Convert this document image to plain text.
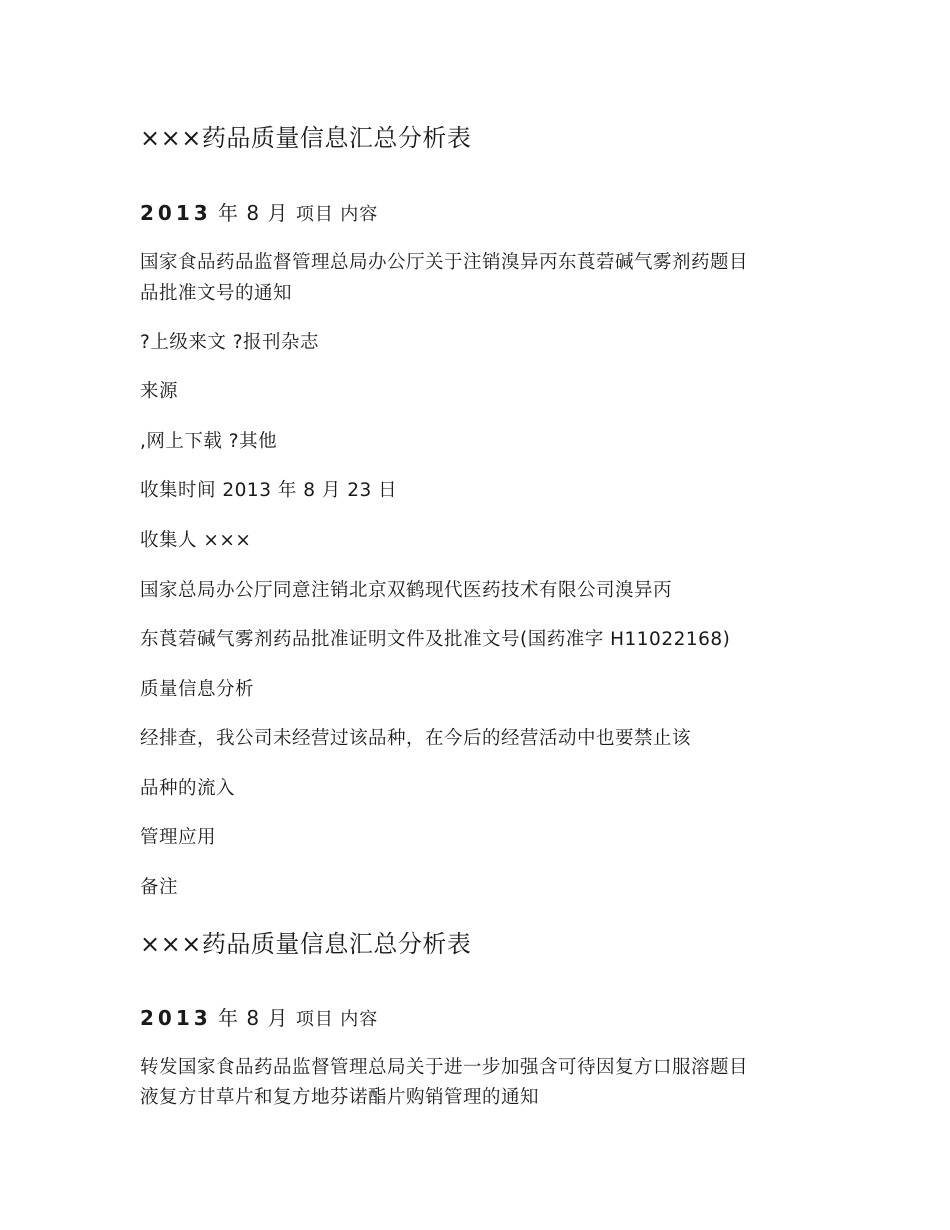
×××药品质量信息汇总分析表
2013 年 8 月 项目 内容

国家食品药品监督管理总局办公厅关于注销溴异丙东莨菪碱气雾剂药题目

品批准文号的通知

?上级来文 ?报刊杂志

来源

,网上下载 ?其他

收集时间 2013 年 8 月 23 日

收集人 ×××

国家总局办公厅同意注销北京双鹤现代医药技术有限公司溴异丙

东莨菪碱气雾剂药品批准证明文件及批准文号(国药准字 H11022168)

质量信息分析

经排查，我公司未经营过该品种，在今后的经营活动中也要禁止该

品种的流入

管理应用

备注

×××药品质量信息汇总分析表
2013 年 8 月 项目 内容

转发国家食品药品监督管理总局关于进一步加强含可待因复方口服溶题目

液复方甘草片和复方地芬诺酯片购销管理的通知
